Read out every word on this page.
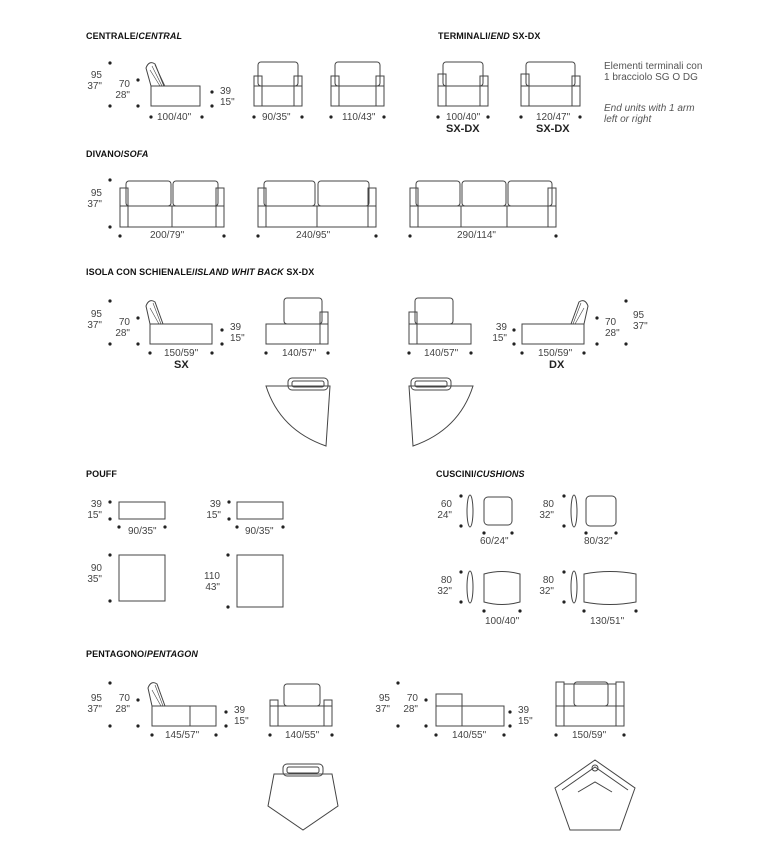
CENTRALE/CENTRAL	TERMINALI/END SX-DX
DIVANO/SOFA
ISOLA CON SCHIENALE/ISLAND WHIT BACK SX-DX
POUFF	CUSCINI/CUSHIONS
PENTAGONO/PENTAGON
Elementi terminali con 1 bracciolo SG O DG
End units with 1 arm left or right
95
37"	70
28"	39
15"
100/40"	90/35"	110/43"	100/40"	120/47"
SX-DX	SX-DX
95
37"
200/79"	240/95"	290/114"
95
37"	70
28"
39
15"
150/59"	140/57"	140/57"	150/59"
SX	DX
39
15"
70
28"
95
37"
39
15"
90/35"
39
15"
90/35"
90
35"	110
43"
60
24"
60/24"
80
32"
80/32"
80
32"
100/40"
80
32"
130/51"
95
37"
70
28"	39
15"
145/57"	140/55"
95
37"
70
28"	39
15"
140/55"	150/59"
